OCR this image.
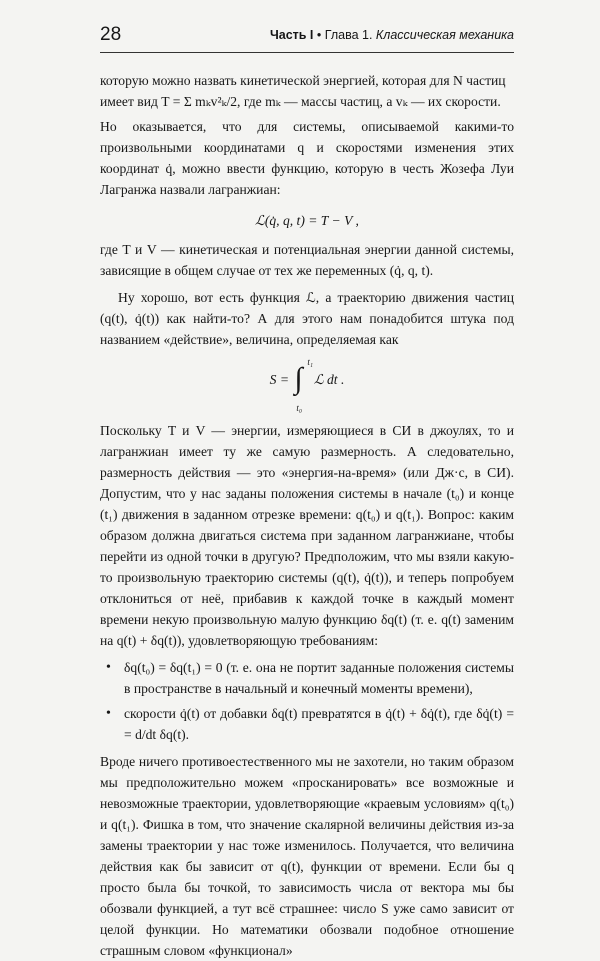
28	Часть I • Глава 1. Классическая механика

которую можно назвать кинетической энергией, которая для N частиц

имеет вид T = Σ mₖv²ₖ/2, где mₖ — массы частиц, а vₖ — их скорости.

Но оказывается, что для системы, описываемой какими-то произвольными координатами q и скоростями изменения этих координат q̇, можно ввести функцию, которую в честь Жозефа Луи Лагранжа назвали лагранжиан:

ℒ(q̇, q, t) = T − V ,

где T и V — кинетическая и потенциальная энергии данной системы, зависящие в общем случае от тех же переменных (q̇, q, t).

Ну хорошо, вот есть функция ℒ, а траекторию движения частиц (q(t), q̇(t)) как найти-то? А для этого нам понадобится штука под названием «действие», величина, определяемая как

S = ∫ t₁
t₀
ℒ dt .

Поскольку T и V — энергии, измеряющиеся в СИ в джоулях, то и лагранжиан имеет ту же самую размерность. А следовательно, размерность действия — это «энергия-на-время» (или Дж·с, в СИ). Допустим, что у нас заданы положения системы в начале (t₀) и конце (t₁) движения в заданном отрезке времени: q(t₀) и q(t₁). Вопрос: каким образом должна двигаться система при заданном лагранжиане, чтобы перейти из одной точки в другую? Предположим, что мы взяли какую-то произвольную траекторию системы (q(t), q̇(t)), и теперь попробуем отклониться от неё, прибавив к каждой точке в каждый момент времени некую произвольную малую функцию δq(t) (т. е. q(t) заменим на q(t) + δq(t)), удовлетворяющую требованиям:

• δq(t₀) = δq(t₁) = 0 (т. е. она не портит заданные положения системы в пространстве в начальный и конечный моменты времени),
• скорости q̇(t) от добавки δq(t) превратятся в q̇(t) + δq̇(t), где δq̇(t) = = d/dt δq(t).

Вроде ничего противоестественного мы не захотели, но таким образом мы предположительно можем «просканировать» все возможные и невозможные траектории, удовлетворяющие «краевым условиям» q(t₀) и q(t₁). Фишка в том, что значение скалярной величины действия из-за замены траектории у нас тоже изменилось. Получается, что величина действия как бы зависит от q(t), функции от времени. Если бы q просто была бы точкой, то зависимость числа от вектора мы бы обозвали функцией, а тут всё страшнее: число S уже само зависит от целой функции. Но математики обозвали подобное отношение страшным словом «функционал»
